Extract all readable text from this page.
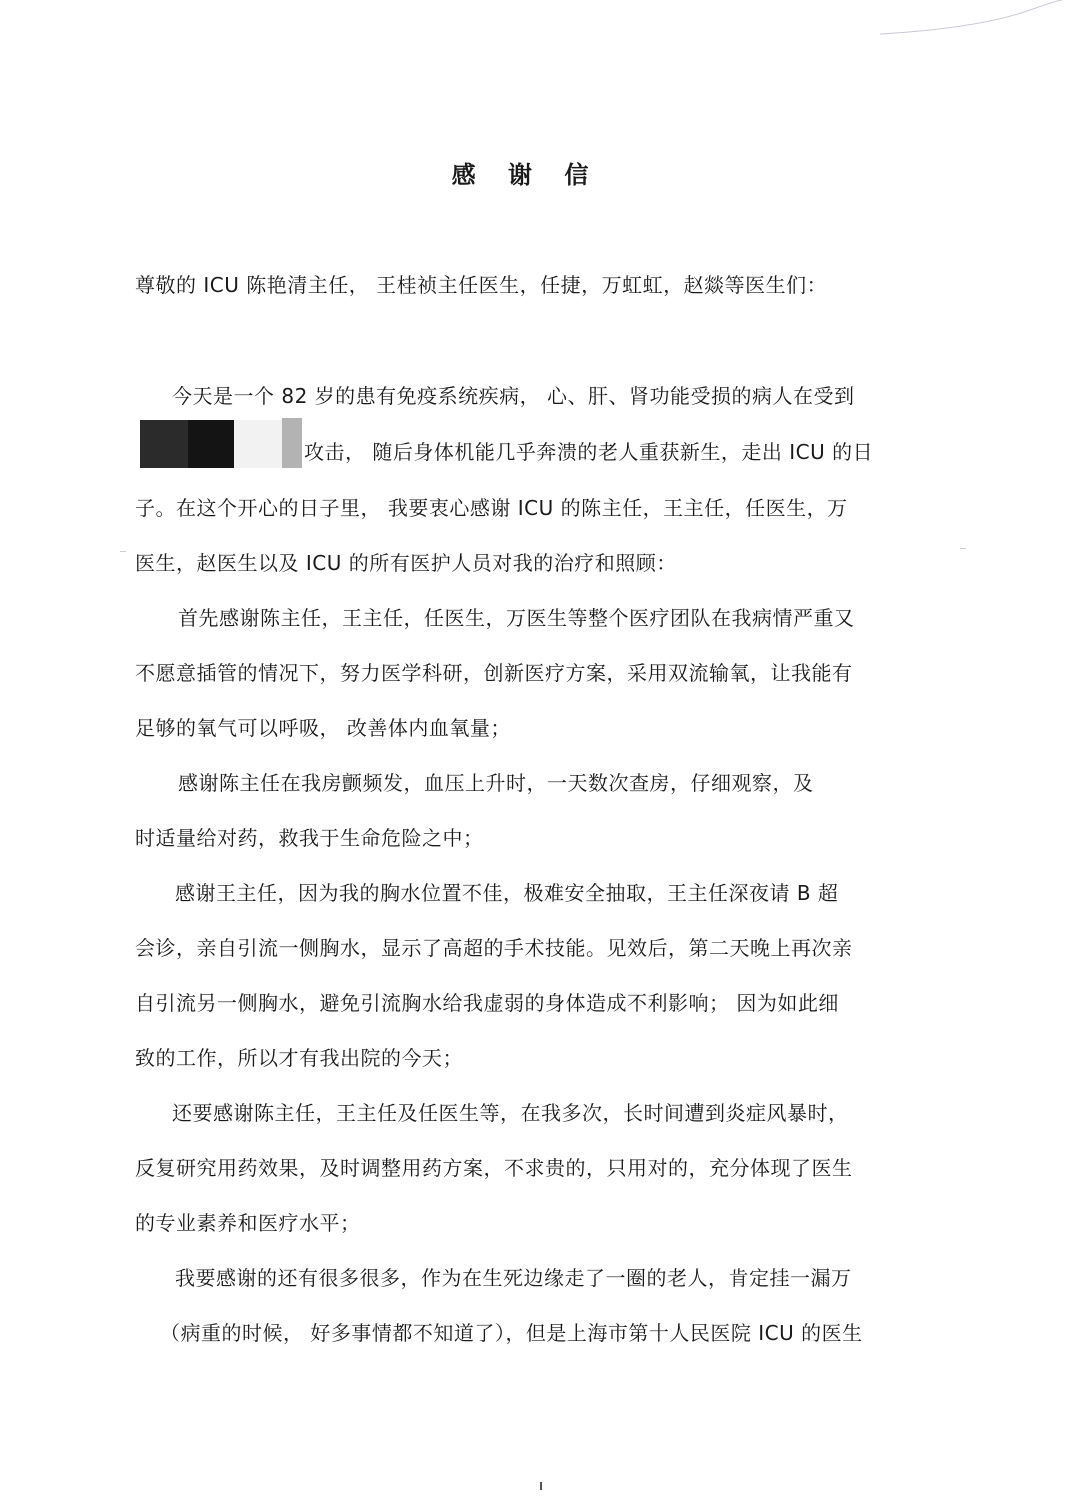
感 谢 信
尊敬的 ICU 陈艳清主任， 王桂祯主任医生，任捷，万虹虹，赵燚等医生们：
今天是一个 82 岁的患有免疫系统疾病， 心、肝、肾功能受损的病人在受到
攻击， 随后身体机能几乎奔溃的老人重获新生，走出 ICU 的日
子。在这个开心的日子里， 我要衷心感谢 ICU 的陈主任，王主任，任医生，万
医生，赵医生以及 ICU 的所有医护人员对我的治疗和照顾：
首先感谢陈主任，王主任，任医生，万医生等整个医疗团队在我病情严重又
不愿意插管的情况下，努力医学科研，创新医疗方案，采用双流输氧，让我能有
足够的氧气可以呼吸， 改善体内血氧量；
感谢陈主任在我房颤频发，血压上升时，一天数次查房，仔细观察，及
时适量给对药，救我于生命危险之中；
感谢王主任，因为我的胸水位置不佳，极难安全抽取，王主任深夜请 B 超
会诊，亲自引流一侧胸水，显示了高超的手术技能。见效后，第二天晚上再次亲
自引流另一侧胸水，避免引流胸水给我虚弱的身体造成不利影响； 因为如此细
致的工作，所以才有我出院的今天；
还要感谢陈主任，王主任及任医生等，在我多次，长时间遭到炎症风暴时，
反复研究用药效果，及时调整用药方案，不求贵的，只用对的，充分体现了医生
的专业素养和医疗水平；
我要感谢的还有很多很多，作为在生死边缘走了一圈的老人，肯定挂一漏万
（病重的时候， 好多事情都不知道了），但是上海市第十人民医院 ICU 的医生
